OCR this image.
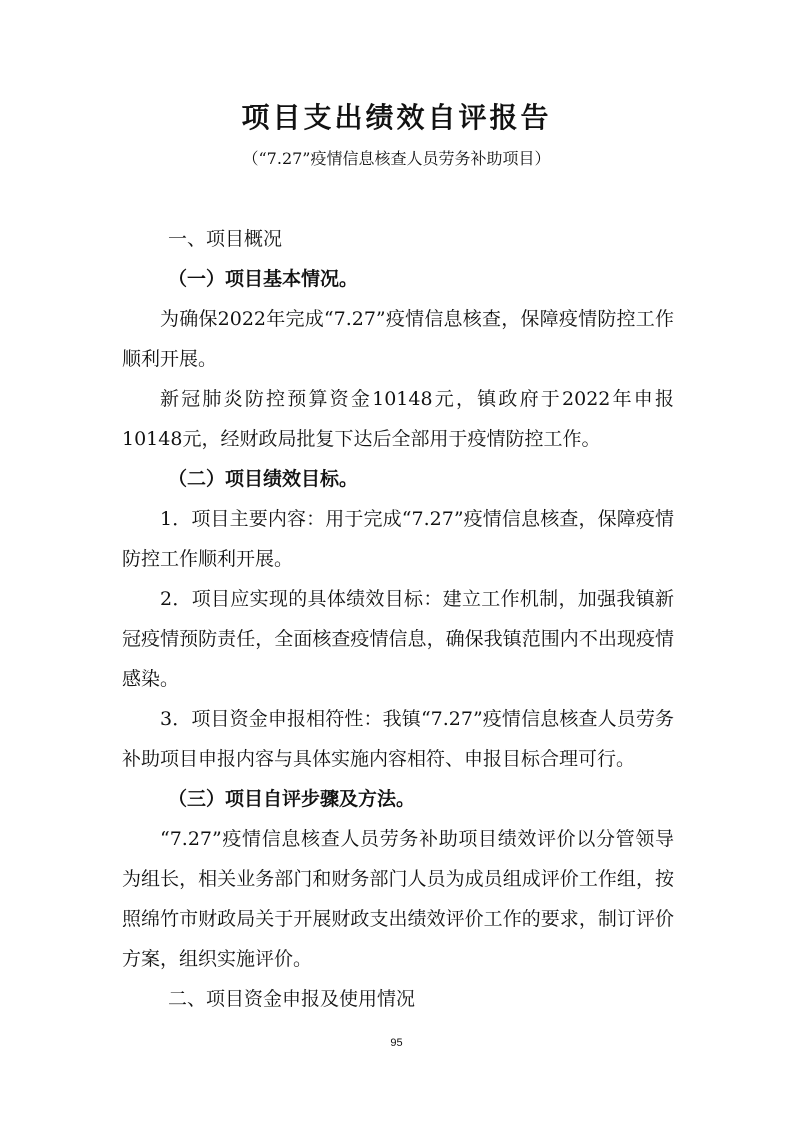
项目支出绩效自评报告
（“7.27”疫情信息核查人员劳务补助项目）

一、项目概况

（一）项目基本情况。

为确保2022年完成“7.27”疫情信息核查，保障疫情防控工作顺利开展。

新冠肺炎防控预算资金10148元，镇政府于2022年申报10148元，经财政局批复下达后全部用于疫情防控工作。

（二）项目绩效目标。

1．项目主要内容：用于完成“7.27”疫情信息核查，保障疫情防控工作顺利开展。

2．项目应实现的具体绩效目标：建立工作机制，加强我镇新冠疫情预防责任，全面核查疫情信息，确保我镇范围内不出现疫情感染。

3．项目资金申报相符性：我镇“7.27”疫情信息核查人员劳务补助项目申报内容与具体实施内容相符、申报目标合理可行。

（三）项目自评步骤及方法。

“7.27”疫情信息核查人员劳务补助项目绩效评价以分管领导为组长，相关业务部门和财务部门人员为成员组成评价工作组，按照绵竹市财政局关于开展财政支出绩效评价工作的要求，制订评价方案，组织实施评价。

二、项目资金申报及使用情况

95
